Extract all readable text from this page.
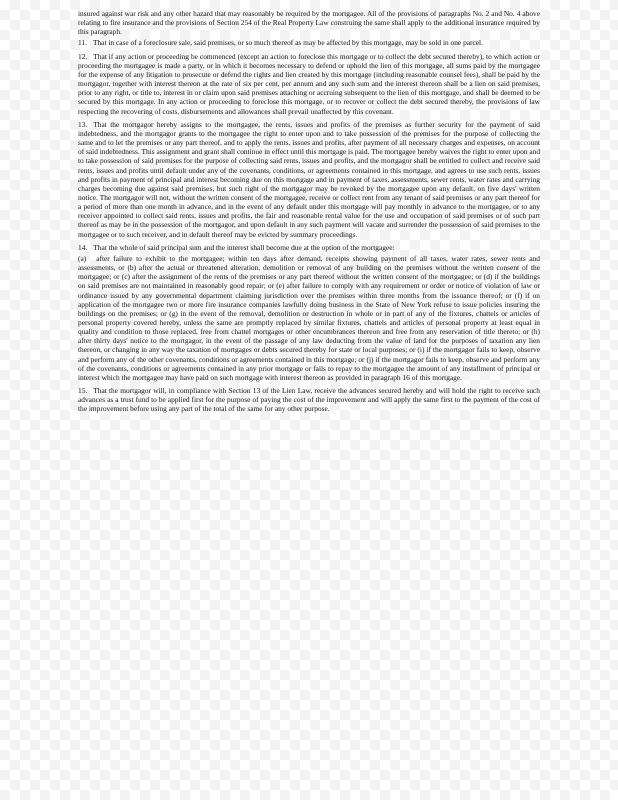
insured against war risk and any other hazard that may reasonably be required by the mortgagee. All of the provisions of paragraphs No. 2 and No. 4 above relating to fire insurance and the provisions of Section 254 of the Real Property Law construing the same shall apply to the additional insurance required by this paragraph.

11. That in case of a foreclosure sale, said premises, or so much thereof as may be affected by this mortgage, may be sold in one parcel.

12. That if any action or proceeding be commenced (except an action to foreclose this mortgage or to collect the debt secured thereby), to which action or proceeding the mortgagee is made a party, or in which it becomes necessary to defend or uphold the lien of this mortgage, all sums paid by the mortgagee for the expense of any litigation to prosecute or defend the rights and lien created by this mortgage (including reasonable counsel fees), shall be paid by the mortgagor, together with interest thereon at the rate of six per cent, per annum and any such sum and the interest thereon shall be a lien on said premises, prior to any right, or title to, interest in or claim upon said premises attaching or accruing subsequent to the lien of this mortgage, and shall be deemed to be secured by this mortgage. In any action or proceeding to foreclose this mortgage, or to recover or collect the debt secured thereby, the provisions of law respecting the recovering of costs, disbursements and allowances shall prevail unaffected by this covenant.

13. That the mortgagor hereby assigns to the mortgagee, the rents, issues and profits of the premises as further security for the payment of said indebtedness, and the mortgagor grants to the mortgagee the right to enter upon and to take possession of the premises for the purpose of collecting the same and to let the premises or any part thereof, and to apply the rents, issues and profits, after payment of all necessary charges and expenses, on account of said indebtedness. This assignment and grant shall continue in effect until this mortgage is paid. The mortgagee hereby waives the right to enter upon and to take possession of said premises for the purpose of collecting said rents, issues and profits, and the mortgagor shall be entitled to collect and receive said rents, issues and profits until default under any of the covenants, conditions, or agreements contained in this mortgage, and agrees to use such rents, issues and profits in payment of principal and interest becoming due on this mortgage and in payment of taxes, assessments, sewer rents, water rates and carrying charges becoming due against said premises, but such right of the mortgagor may be revoked by the mortgagee upon any default, on five days' written notice. The mortgagor will not, without the written consent of the mortgagee, receive or collect rent from any tenant of said premises or any part thereof for a period of more than one month in advance, and in the event of any default under this mortgage will pay monthly in advance to the mortgagee, or to any receiver appointed to collect said rents, issues and profits, the fair and reasonable rental value for the use and occupation of said premises or of such part thereof as may be in the possession of the mortgagor, and upon default in any such payment will vacate and surrender the possession of said premises to the mortgagee or to such receiver, and in default thereof may be evicted by summary proceedings.

14. That the whole of said principal sum and the interest shall become due at the option of the mortgagee:

(a) after failure to exhibit to the mortgagee; within ten days after demand, receipts showing payment of all taxes, water rates, sewer rents and assessments, or (b) after the actual or threatened alteration, demolition or removal of any building on the premises without the written consent of the mortgagee; or (c) after the assignment of the rents of the premises or any part thereof without the written consent of the mortgagee; or (d) if the buildings on said premises are not maintained in reasonably good repair; or (e) after failure to comply with any requirement or order or notice of violation of law or ordinance issued by any governmental department claiming jurisdiction over the premises within three months from the issuance thereof; or (f) if on application of the mortgagee two or more fire insurance companies lawfully doing business in the State of New York refuse to issue policies insuring the buildings on the premises; or (g) in the event of the removal, demolition or destruction in whole or in part of any of the fixtures, chattels or articles of personal property covered hereby, unless the same are promptly replaced by similar fixtures, chattels and articles of personal property at least equal in quality and condition to those replaced, free from chattel mortgages or other encumbrances thereon and free from any reservation of title thereto; or (h) after thirty days' notice to the mortgagor, in the event of the passage of any law deducting from the value of land for the purposes of taxation any lien thereon, or changing in any way the taxation of mortgages or debts secured thereby for state or local purposes; or (i) if the mortgagor fails to keep, observe and perform any of the other covenants, conditions or agreements contained in this mortgage; or (j) if the mortgagor fails to keep, observe and perform any of the covenants, conditions or agreements contained in any prior mortgage or fails to repay to the mortgagee the amount of any installment of principal or interest which the mortgagee may have paid on such mortgage with interest thereon as provided in paragraph 16 of this mortgage.

15. That the mortgagor will, in compliance with Section 13 of the Lien Law, receive the advances secured hereby and will hold the right to receive such advances as a trust fund to be applied first for the purpose of paying the cost of the improvement and will apply the same first to the payment of the cost of the improvement before using any part of the total of the same for any other purpose.
